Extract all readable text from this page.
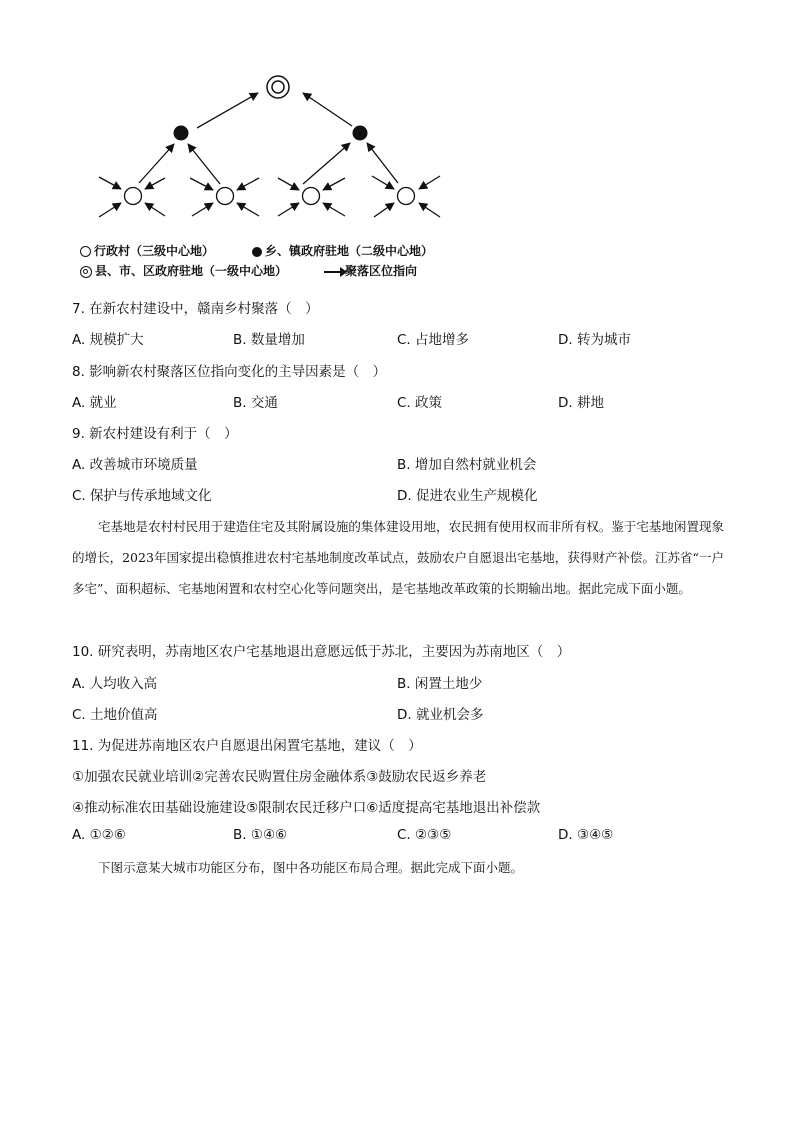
行政村（三级中心地）	乡、镇政府驻地（二级中心地）
县、市、区政府驻地（一级中心地）	聚落区位指向
7. 在新农村建设中，赣南乡村聚落（　）
A. 规模扩大	B. 数量增加	C. 占地增多	D. 转为城市
8. 影响新农村聚落区位指向变化的主导因素是（　）
A. 就业	B. 交通	C. 政策	D. 耕地
9. 新农村建设有利于（　）
A. 改善城市环境质量	B. 增加自然村就业机会
C. 保护与传承地域文化	D. 促进农业生产规模化
宅基地是农村村民用于建造住宅及其附属设施的集体建设用地，农民拥有使用权而非所有权。鉴于宅基地闲置现象的增长，2023年国家提出稳慎推进农村宅基地制度改革试点，鼓励农户自愿退出宅基地，获得财产补偿。江苏省“一户多宅”、面积超标、宅基地闲置和农村空心化等问题突出，是宅基地改革政策的长期输出地。据此完成下面小题。
10. 研究表明，苏南地区农户宅基地退出意愿远低于苏北，主要因为苏南地区（　）
A. 人均收入高	B. 闲置土地少
C. 土地价值高	D. 就业机会多
11. 为促进苏南地区农户自愿退出闲置宅基地，建议（　）
①加强农民就业培训②完善农民购置住房金融体系③鼓励农民返乡养老
④推动标准农田基础设施建设⑤限制农民迁移户口⑥适度提高宅基地退出补偿款
A. ①②⑥	B. ①④⑥	C. ②③⑤	D. ③④⑤
下图示意某大城市功能区分布，图中各功能区布局合理。据此完成下面小题。
